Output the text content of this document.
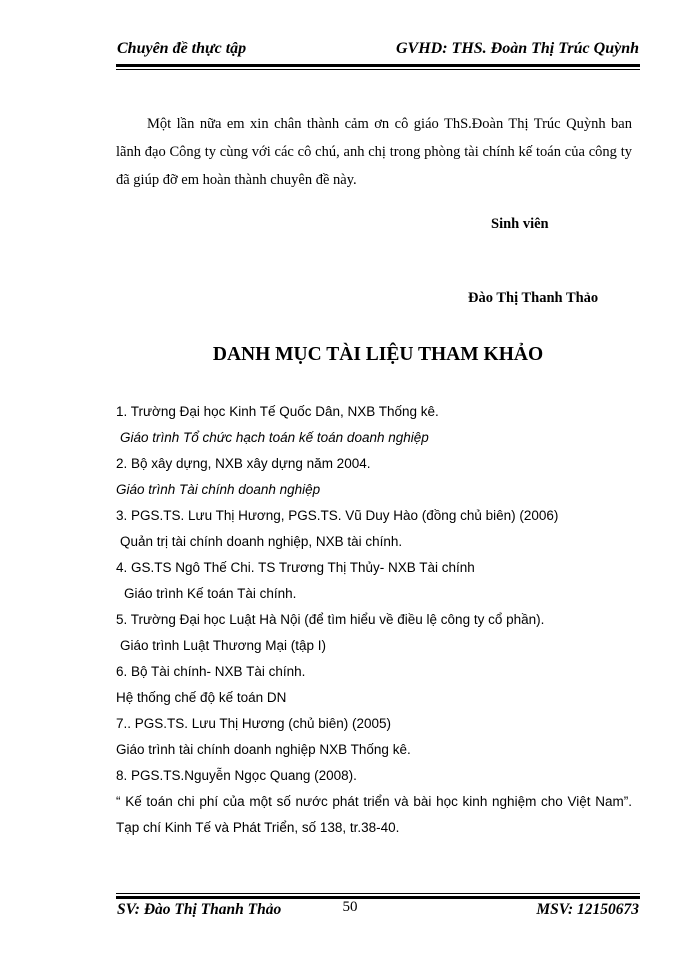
Chuyên đề thực tập	GVHD: THS. Đoàn Thị Trúc Quỳnh

Một lần nữa em xin chân thành cảm ơn cô giáo ThS.Đoàn Thị Trúc Quỳnh ban lãnh đạo Công ty cùng với các cô chú, anh chị trong phòng tài chính kế toán của công ty đã giúp đỡ em hoàn thành chuyên đề này.

Sinh viên
Đào Thị Thanh Thảo
DANH MỤC TÀI LIỆU THAM KHẢO
1. Trường Đại học Kinh Tế Quốc Dân, NXB Thống kê.
Giáo trình Tổ chức hạch toán kế toán doanh nghiệp
2. Bộ xây dựng, NXB xây dựng năm 2004.
Giáo trình Tài chính doanh nghiệp
3. PGS.TS. Lưu Thị Hương, PGS.TS. Vũ Duy Hào (đồng chủ biên) (2006)
Quản trị tài chính doanh nghiệp, NXB tài chính.
4. GS.TS Ngô Thế Chi. TS Trương Thị Thủy- NXB Tài chính
Giáo trình Kế toán Tài chính.
5. Trường Đại học Luật Hà Nội (để tìm hiểu về điều lệ công ty cổ phần).
Giáo trình Luật Thương Mại (tập I)
6. Bộ Tài chính- NXB Tài chính.
Hệ thống chế độ kế toán DN
7.. PGS.TS. Lưu Thị Hương (chủ biên) (2005)
Giáo trình tài chính doanh nghiệp NXB Thống kê.
8. PGS.TS.Nguyễn Ngọc Quang (2008).
“ Kế toán chi phí của một số nước phát triển và bài học kinh nghiệm cho Việt Nam”. Tạp chí Kinh Tế và Phát Triển, số 138, tr.38-40.
SV: Đào Thị Thanh Thảo	50	MSV: 12150673
